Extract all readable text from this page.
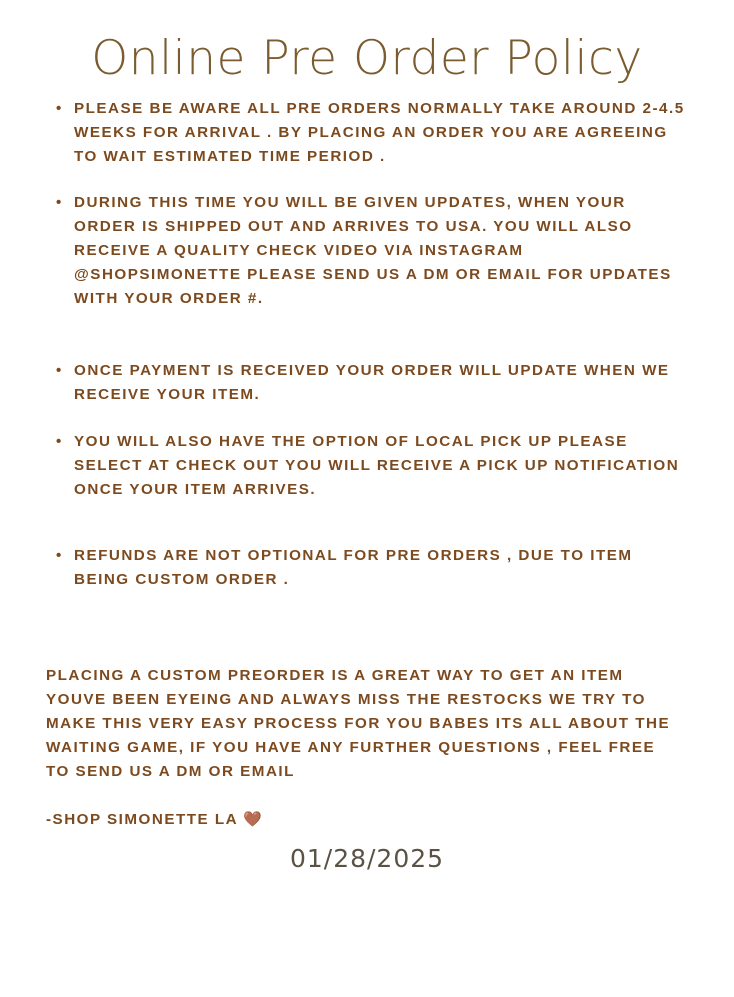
Online Pre Order Policy
• PLEASE BE AWARE ALL PRE ORDERS NORMALLY TAKE AROUND 2-4.5 WEEKS FOR ARRIVAL . BY PLACING AN ORDER YOU ARE AGREEING TO WAIT ESTIMATED TIME PERIOD .
• DURING THIS TIME YOU WILL BE GIVEN UPDATES, WHEN YOUR ORDER IS SHIPPED OUT AND ARRIVES TO USA. YOU WILL ALSO RECEIVE A QUALITY CHECK VIDEO VIA INSTAGRAM @SHOPSIMONETTE PLEASE SEND US A DM OR EMAIL FOR UPDATES WITH YOUR ORDER #.
• ONCE PAYMENT IS RECEIVED YOUR ORDER WILL UPDATE WHEN WE RECEIVE YOUR ITEM.
• YOU WILL ALSO HAVE THE OPTION OF LOCAL PICK UP PLEASE SELECT AT CHECK OUT YOU WILL RECEIVE A PICK UP NOTIFICATION ONCE YOUR ITEM ARRIVES.
• REFUNDS ARE NOT OPTIONAL FOR PRE ORDERS , DUE TO ITEM BEING CUSTOM ORDER .

PLACING A CUSTOM PREORDER IS A GREAT WAY TO GET AN ITEM YOUVE BEEN EYEING AND ALWAYS MISS THE RESTOCKS WE TRY TO MAKE THIS VERY EASY PROCESS FOR YOU BABES ITS ALL ABOUT THE WAITING GAME, IF YOU HAVE ANY FURTHER QUESTIONS , FEEL FREE TO SEND US A DM OR EMAIL

-SHOP SIMONETTE LA 🤎
01/28/2025
